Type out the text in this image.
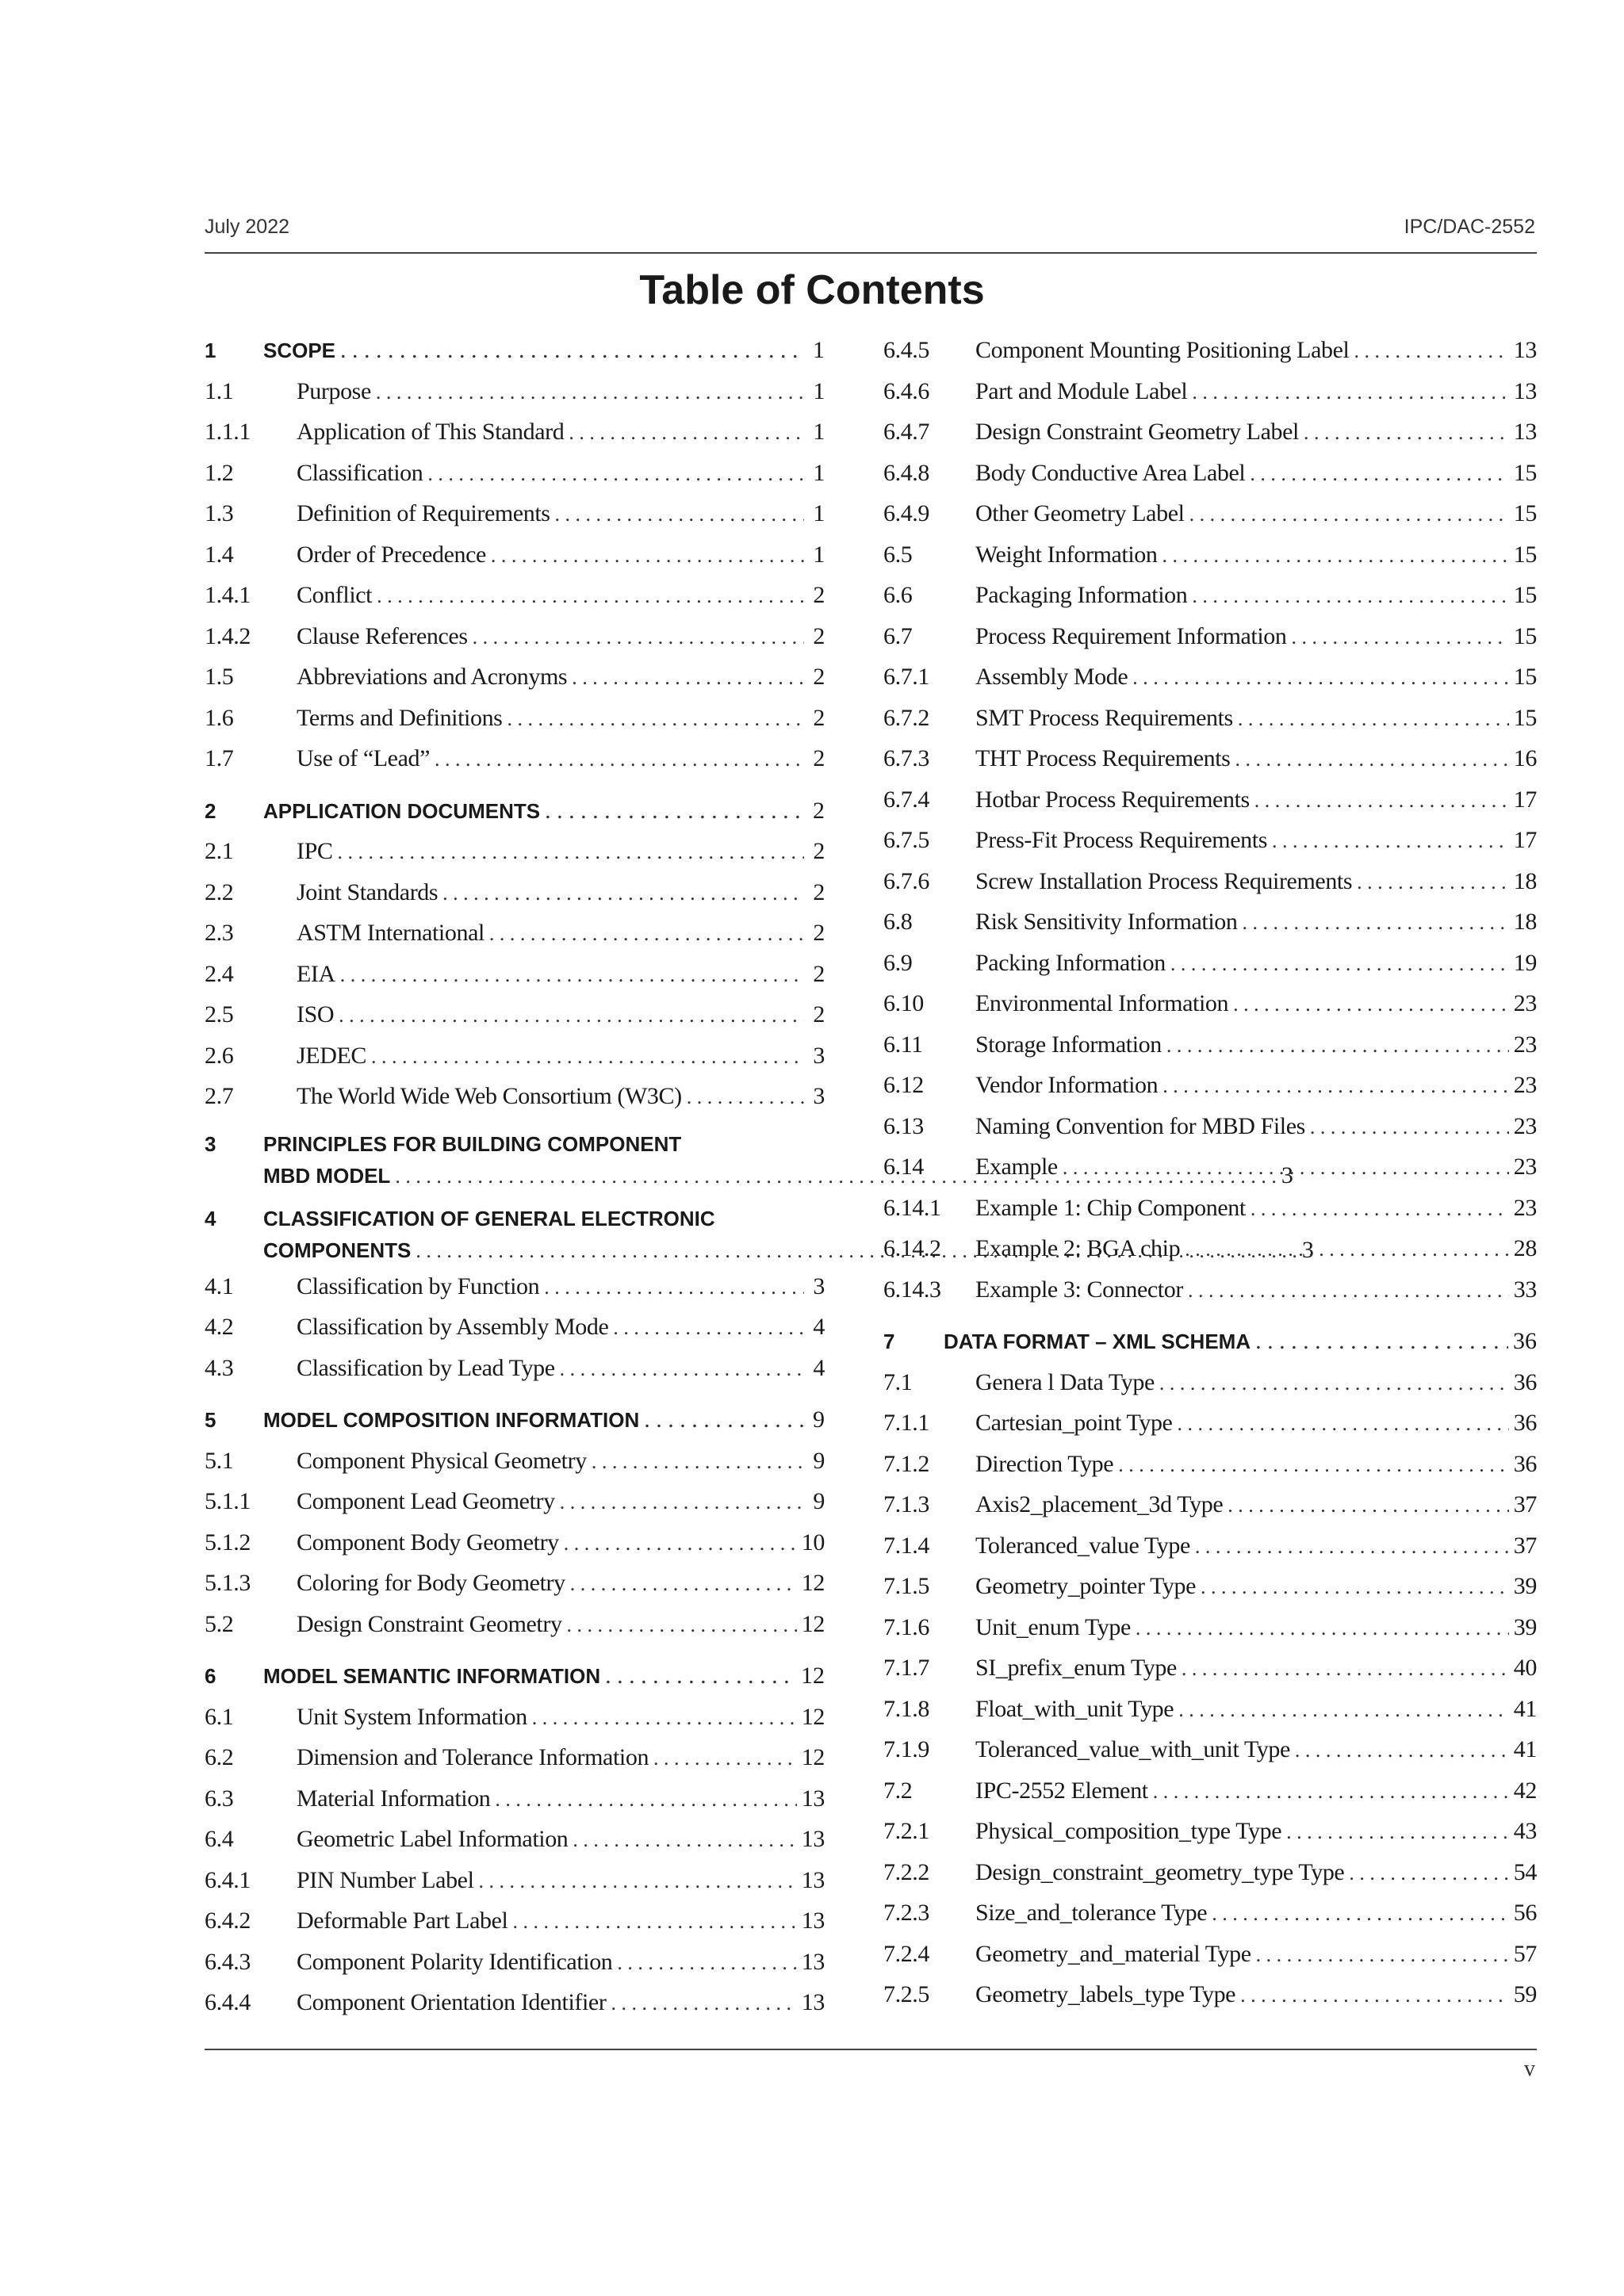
July 2022	IPC/DAC-2552
Table of Contents
1	SCOPE . . .	1
1.1	Purpose . . .	1
1.1.1	Application of This Standard . . .	1
1.2	Classification . . .	1
1.3	Definition of Requirements . . .	1
1.4	Order of Precedence . . .	1
1.4.1	Conflict . . .	2
1.4.2	Clause References . . .	2
1.5	Abbreviations and Acronyms . . .	2
1.6	Terms and Definitions . . .	2
1.7	Use of “Lead” . . .	2
2	APPLICATION DOCUMENTS . . .	2
2.1	IPC . . .	2
2.2	Joint Standards . . .	2
2.3	ASTM International . . .	2
2.4	EIA . . .	2
2.5	ISO . . .	2
2.6	JEDEC . . .	3
2.7	The World Wide Web Consortium (W3C) . . .	3
3	PRINCIPLES FOR BUILDING COMPONENT
MBD MODEL . . .	3
4	CLASSIFICATION OF GENERAL ELECTRONIC
COMPONENTS . . .	3
4.1	Classification by Function . . .	3
4.2	Classification by Assembly Mode . . .	4
4.3	Classification by Lead Type . . .	4
5	MODEL COMPOSITION INFORMATION . . .	9
5.1	Component Physical Geometry . . .	9
5.1.1	Component Lead Geometry . . .	9
5.1.2	Component Body Geometry . . .	10
5.1.3	Coloring for Body Geometry . . .	12
5.2	Design Constraint Geometry . . .	12
6	MODEL SEMANTIC INFORMATION . . .	12
6.1	Unit System Information . . .	12
6.2	Dimension and Tolerance Information . . .	12
6.3	Material Information . . .	13
6.4	Geometric Label Information . . .	13
6.4.1	PIN Number Label . . .	13
6.4.2	Deformable Part Label . . .	13
6.4.3	Component Polarity Identification . . .	13
6.4.4	Component Orientation Identifier . . .	13
6.4.5	Component Mounting Positioning Label . . .	13
6.4.6	Part and Module Label . . .	13
6.4.7	Design Constraint Geometry Label . . .	13
6.4.8	Body Conductive Area Label . . .	15
6.4.9	Other Geometry Label . . .	15
6.5	Weight Information . . .	15
6.6	Packaging Information . . .	15
6.7	Process Requirement Information . . .	15
6.7.1	Assembly Mode . . .	15
6.7.2	SMT Process Requirements . . .	15
6.7.3	THT Process Requirements . . .	16
6.7.4	Hotbar Process Requirements . . .	17
6.7.5	Press-Fit Process Requirements . . .	17
6.7.6	Screw Installation Process Requirements . . .	18
6.8	Risk Sensitivity Information . . .	18
6.9	Packing Information . . .	19
6.10	Environmental Information . . .	23
6.11	Storage Information . . .	23
6.12	Vendor Information . . .	23
6.13	Naming Convention for MBD Files . . .	23
6.14	Example . . .	23
6.14.1	Example 1: Chip Component . . .	23
6.14.2	Example 2: BGA chip . . .	28
6.14.3	Example 3: Connector . . .	33
7	DATA FORMAT – XML SCHEMA . . .	36
7.1	Genera l Data Type . . .	36
7.1.1	Cartesian_point Type . . .	36
7.1.2	Direction Type . . .	36
7.1.3	Axis2_placement_3d Type . . .	37
7.1.4	Toleranced_value Type . . .	37
7.1.5	Geometry_pointer Type . . .	39
7.1.6	Unit_enum Type . . .	39
7.1.7	SI_prefix_enum Type . . .	40
7.1.8	Float_with_unit Type . . .	41
7.1.9	Toleranced_value_with_unit Type . . .	41
7.2	IPC-2552 Element . . .	42
7.2.1	Physical_composition_type Type . . .	43
7.2.2	Design_constraint_geometry_type Type . . .	54
7.2.3	Size_and_tolerance Type . . .	56
7.2.4	Geometry_and_material Type . . .	57
7.2.5	Geometry_labels_type Type . . .	59
v
